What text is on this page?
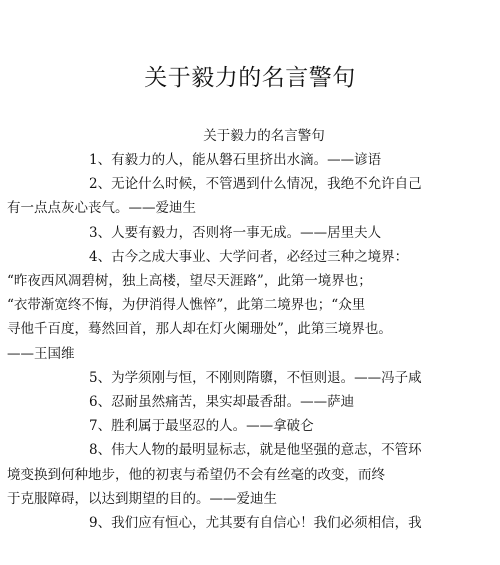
关于毅力的名言警句
关于毅力的名言警句

1、有毅力的人，能从磐石里挤出水滴。——谚语

2、无论什么时候，不管遇到什么情况，我绝不允许自己
有一点点灰心丧气。——爱迪生

3、人要有毅力，否则将一事无成。——居里夫人

4、古今之成大事业、大学问者，必经过三种之境界：
“昨夜西风凋碧树，独上高楼，望尽天涯路”，此第一境界也；
“衣带渐宽终不悔，为伊消得人憔悴”，此第二境界也；“众里
寻他千百度，蓦然回首，那人却在灯火阑珊处”，此第三境界也。
——王国维

5、为学须刚与恒，不刚则隋隳，不恒则退。——冯子咸

6、忍耐虽然痛苦，果实却最香甜。——萨迪

7、胜利属于最坚忍的人。——拿破仑

8、伟大人物的最明显标志，就是他坚强的意志，不管环
境变换到何种地步，他的初衷与希望仍不会有丝毫的改变，而终
于克服障碍，以达到期望的目的。——爱迪生

9、我们应有恒心，尤其要有自信心！我们必须相信，我
